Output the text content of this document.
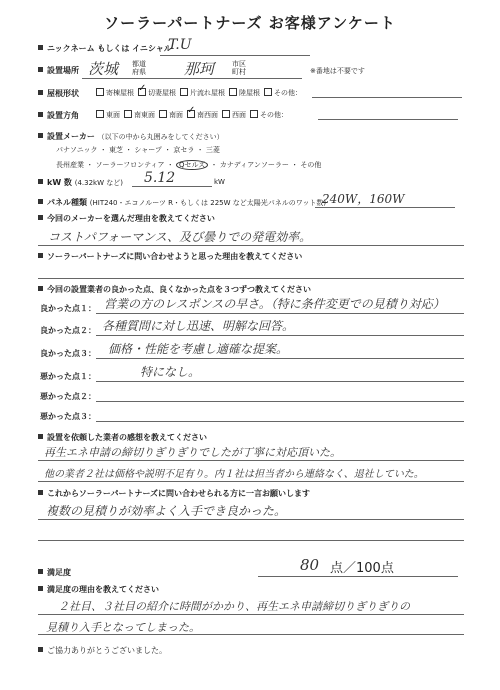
ソーラーパートナーズ お客様アンケート
ニックネーム もしくは イニシャル
T.U
設置場所 茨城 都道府県	那珂	市区町村	※番地は不要です
屋根形状	寄棟屋根 ✓ 切妻屋根 片流れ屋根 陸屋根 その他：
設置方角	東面 南東面 南面 ✓ 南西面 西面 その他：
設置メーカー （以下の中から丸囲みをしてください）
パナソニック ・ 東芝 ・ シャープ ・ 京セラ ・ 三菱
長州産業 ・ ソーラーフロンティア ・ Qセルズ ・ カナディアンソーラー ・ その他
kW 数 (4.32kW など) 5.12	kW
パネル種類 (HIT240・エコノルーツ R・もしくは 225W など太陽光パネルのワット数)
240W，160W
今回のメーカーを選んだ理由を教えてください
コストパフォーマンス、及び曇りでの発電効率。
ソーラーパートナーズに問い合わせようと思った理由を教えてください
今回の設置業者の良かった点、良くなかった点を３つずつ教えてください
良かった点１： 営業の方のレスポンスの早さ。（特に条件変更での見積り対応）
良かった点２： 各種質問に対し迅速、明解な回答。
良かった点３： 価格・性能を考慮し適確な提案。
悪かった点１：	特になし。
悪かった点２：
悪かった点３：
設置を依頼した業者の感想を教えてください
再生エネ申請の締切りぎりぎりでしたが丁寧に対応頂いた。
他の業者２社は価格や説明不足有り。内１社は担当者から連絡なく、退社していた。
これからソーラーパートナーズに問い合わせられる方に一言お願いします
複数の見積りが効率よく入手でき良かった。
満足度	80 点／100点
満足度の理由を教えてください
２社目、３社目の紹介に時間がかかり、再生エネ申請締切りぎりぎりの
見積り入手となってしまった。
ご協力ありがとうございました。
